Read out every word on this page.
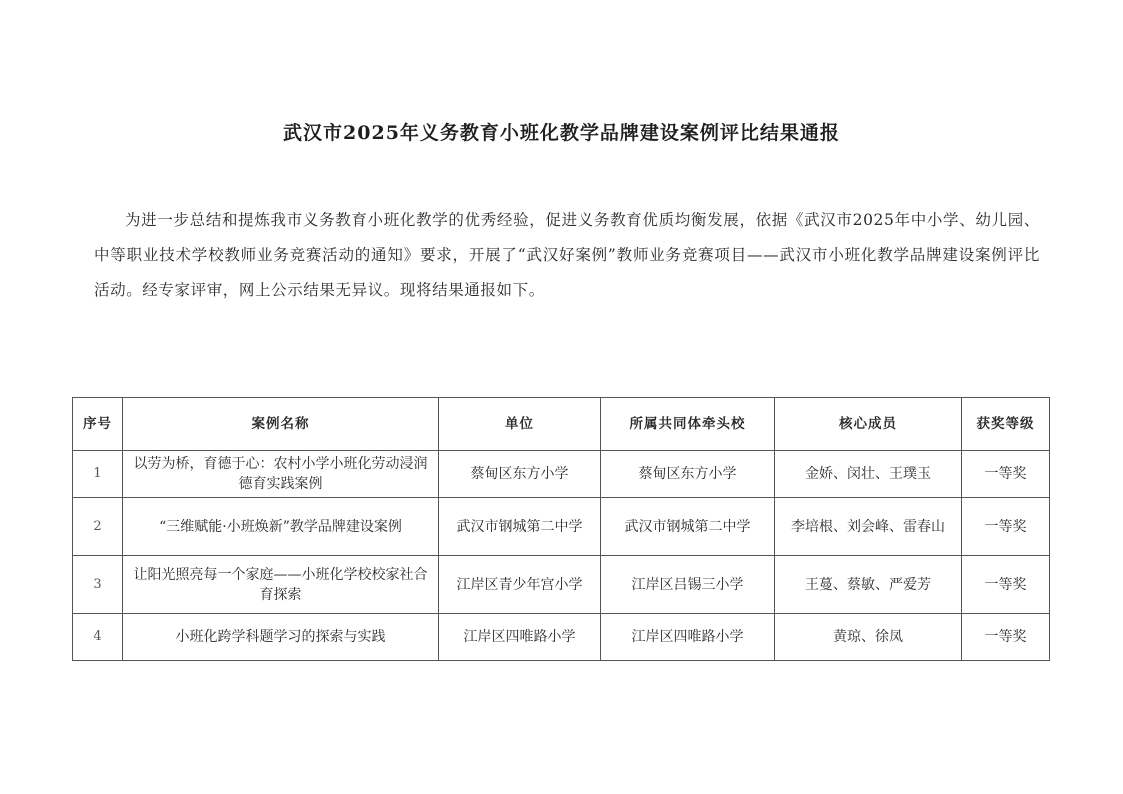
武汉市2025年义务教育小班化教学品牌建设案例评比结果通报

为进一步总结和提炼我市义务教育小班化教学的优秀经验，促进义务教育优质均衡发展，依据《武汉市2025年中小学、幼儿园、中等职业技术学校教师业务竞赛活动的通知》要求，开展了“武汉好案例”教师业务竞赛项目——武汉市小班化教学品牌建设案例评比活动。经专家评审，网上公示结果无异议。现将结果通报如下。

序号	案例名称	单位	所属共同体牵头校	核心成员	获奖等级
1	以劳为桥，育德于心：农村小学小班化劳动浸润德育实践案例	蔡甸区东方小学	蔡甸区东方小学	金娇、闵壮、王璞玉	一等奖
2	“三维赋能·小班焕新”教学品牌建设案例	武汉市钢城第二中学	武汉市钢城第二中学	李培根、刘会峰、雷春山	一等奖
3	让阳光照亮每一个家庭——小班化学校校家社合育探索	江岸区青少年宫小学	江岸区吕锡三小学	王蔓、蔡敏、严爱芳	一等奖
4	小班化跨学科题学习的探索与实践	江岸区四唯路小学	江岸区四唯路小学	黄琼、徐凤	一等奖
